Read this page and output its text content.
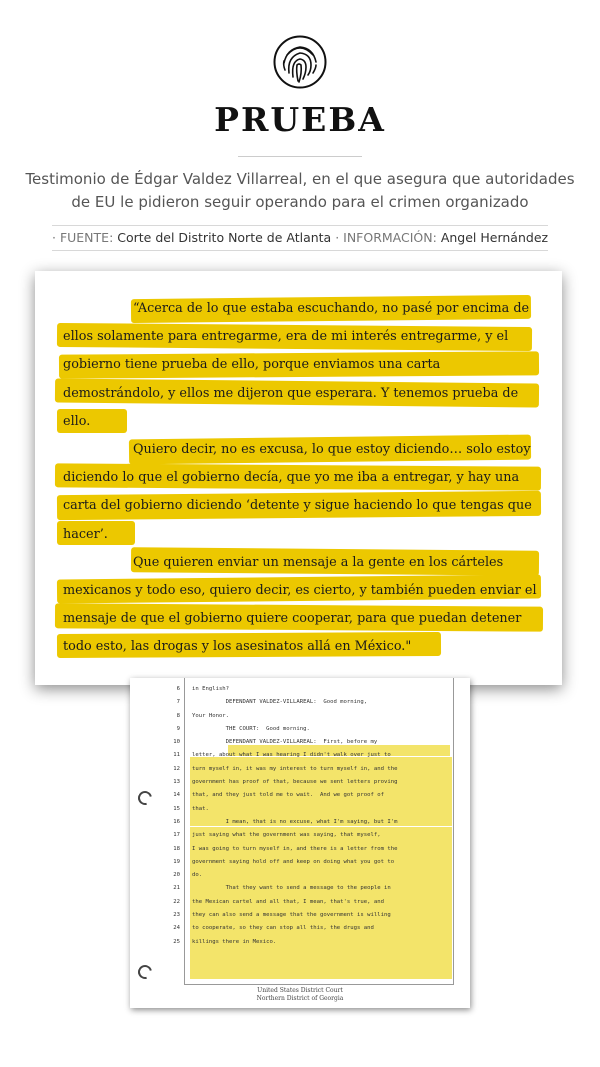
PRUEBA
Testimonio de Édgar Valdez Villarreal, en el que asegura que autoridades
de EU le pidieron seguir operando para el crimen organizado
· FUENTE: Corte del Distrito Norte de Atlanta · INFORMACIÓN: Angel Hernández

“Acerca de lo que estaba escuchando, no pasé por encima de ellos solamente para entregarme, era de mi interés entregarme, y el gobierno tiene prueba de ello, porque enviamos una carta demostrándolo, y ellos me dijeron que esperara. Y tenemos prueba de ello.

Quiero decir, no es excusa, lo que estoy diciendo… solo estoy diciendo lo que el gobierno decía, que yo me iba a entregar, y hay una carta del gobierno diciendo ‘detente y sigue haciendo lo que tengas que hacer’.

Que quieren enviar un mensaje a la gente en los cárteles mexicanos y todo eso, quiero decir, es cierto, y también pueden enviar el mensaje de que el gobierno quiere cooperar, para que puedan detener todo esto, las drogas y los asesinatos allá en México."

6 in English?
7 DEFENDANT VALDEZ-VILLAREAL:  Good morning,
8 Your Honor.
9 THE COURT:  Good morning.
10 DEFENDANT VALDEZ-VILLAREAL:  First, before my
11 letter, about what I was hearing I didn't walk over just to
12 turn myself in, it was my interest to turn myself in, and the
13 government has proof of that, because we sent letters proving
14 that, and they just told me to wait.  And we got proof of
15 that.
16 I mean, that is no excuse, what I'm saying, but I'm
17 just saying what the government was saying, that myself,
18 I was going to turn myself in, and there is a letter from the
19 government saying hold off and keep on doing what you got to
20 do.
21 That they want to send a message to the people in
22 the Mexican cartel and all that, I mean, that's true, and
23 they can also send a message that the government is willing
24 to cooperate, so they can stop all this, the drugs and
25 killings there in Mexico.
United States District Court
Northern District of Georgia
